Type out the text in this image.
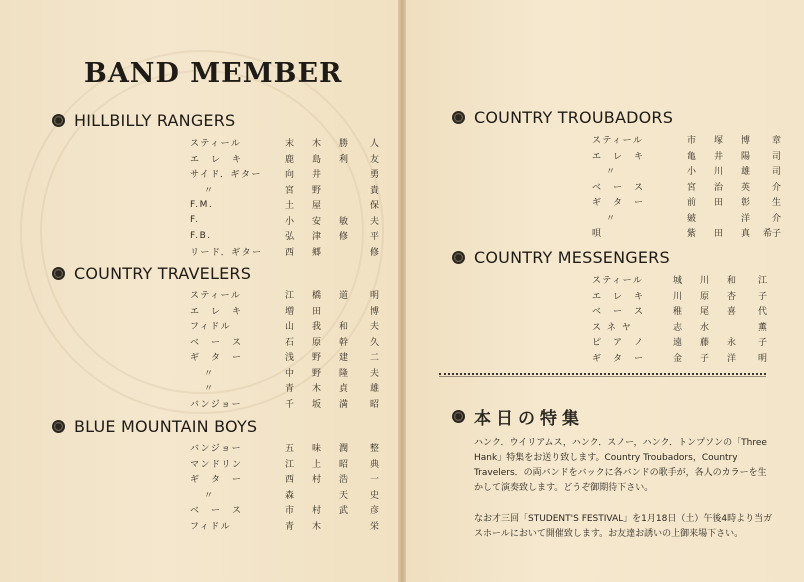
BAND MEMBER
HILLBILLY RANGERS
スティール	末	木	勝	人
エ　レ　キ	鹿	島	利	友
サイド．ギター	向	井		勇
〃	宮	野		貴
F.M.	土	屋		保
F.	小	安	敏	夫
F.B.	弘	津	修	平
リード．ギター	西	郷		修
COUNTRY TRAVELERS
スティール	江	橋	道	明
エ　レ　キ	増	田		博
フィドル	山	我	和	夫
ベ　ー　ス	石	原	幹	久
ギ　タ　ー	浅	野	建	二
〃	中	野	隆	夫
〃	青	木	貞	雄
バンジョー	千	坂	満	昭
BLUE MOUNTAIN BOYS
バンジョー	五	味	潤	整
マンドリン	江	上	昭	典
ギ　タ　ー	西	村	浩	一
〃	森		天	史
ベ　ー　ス	市	村	武	彦
フィドル	青	木		栄
COUNTRY TROUBADORS
スティール	市	塚	博	章
エ　レ　キ	亀	井	陽	司
〃	小	川	雄	司
ベ　ー　ス	宮	治	英	介
ギ　タ　ー	前	田	彰	生
〃	皴		洋	介
唄	紫	田	真	希子
COUNTRY MESSENGERS
スティール	城	川	和	江
エ　レ　キ	川	原	杏	子
ベ　ー　ス	稚	尾	喜	代
ス ネ ヤ	志	水		薫
ピ　ア　ノ	遠	藤	永	子
ギ　タ　ー	金	子	洋	明
本日の特集

ハンク．ウイリアムス，ハンク．スノー，ハンク．トンプソンの「Three Hank」特集をお送り致します。Country Troubadors，Country Travelers．の両バンドをバックに各バンドの歌手が，各人のカラーを生かして演奏致します。どうぞ御期待下さい。

なお才三回「STUDENT'S FESTIVAL」を1月18日（土）午後4時より当ガスホールにおいて開催致します。お友達お誘いの上御来場下さい。
